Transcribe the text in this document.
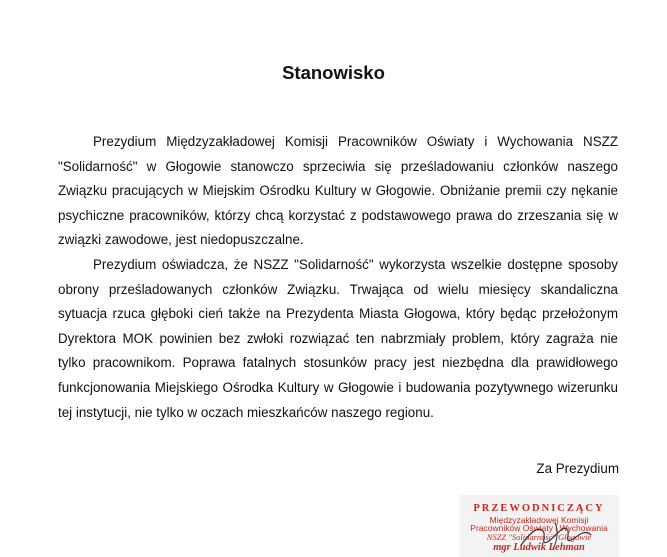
Stanowisko

Prezydium Międzyzakładowej Komisji Pracowników Oświaty i Wychowania NSZZ "Solidarność" w Głogowie stanowczo sprzeciwia się prześladowaniu członków naszego Związku pracujących w Miejskim Ośrodku Kultury w Głogowie. Obniżanie premii czy nękanie psychiczne pracowników, którzy chcą korzystać z podstawowego prawa do zrzeszania się w związki zawodowe, jest niedopuszczalne.

Prezydium oświadcza, że NSZZ "Solidarność" wykorzysta wszelkie dostępne sposoby obrony prześladowanych członków Związku. Trwająca od wielu miesięcy skandaliczna sytuacja rzuca głęboki cień także na Prezydenta Miasta Głogowa, który będąc przełożonym Dyrektora MOK powinien bez zwłoki rozwiązać ten nabrzmiały problem, który zagraża nie tylko pracownikom. Poprawa fatalnych stosunków pracy jest niezbędna dla prawidłowego funkcjonowania Miejskiego Ośrodka Kultury w Głogowie i budowania pozytywnego wizerunku tej instytucji, nie tylko w oczach mieszkańców naszego regionu.

Za Prezydium
PRZEWODNICZĄCY
Międzyzakładowej Komisji
Pracowników Oświaty i Wychowania
NSZZ "Solidarność" Głogowie
mgr Ludwik Lehman
